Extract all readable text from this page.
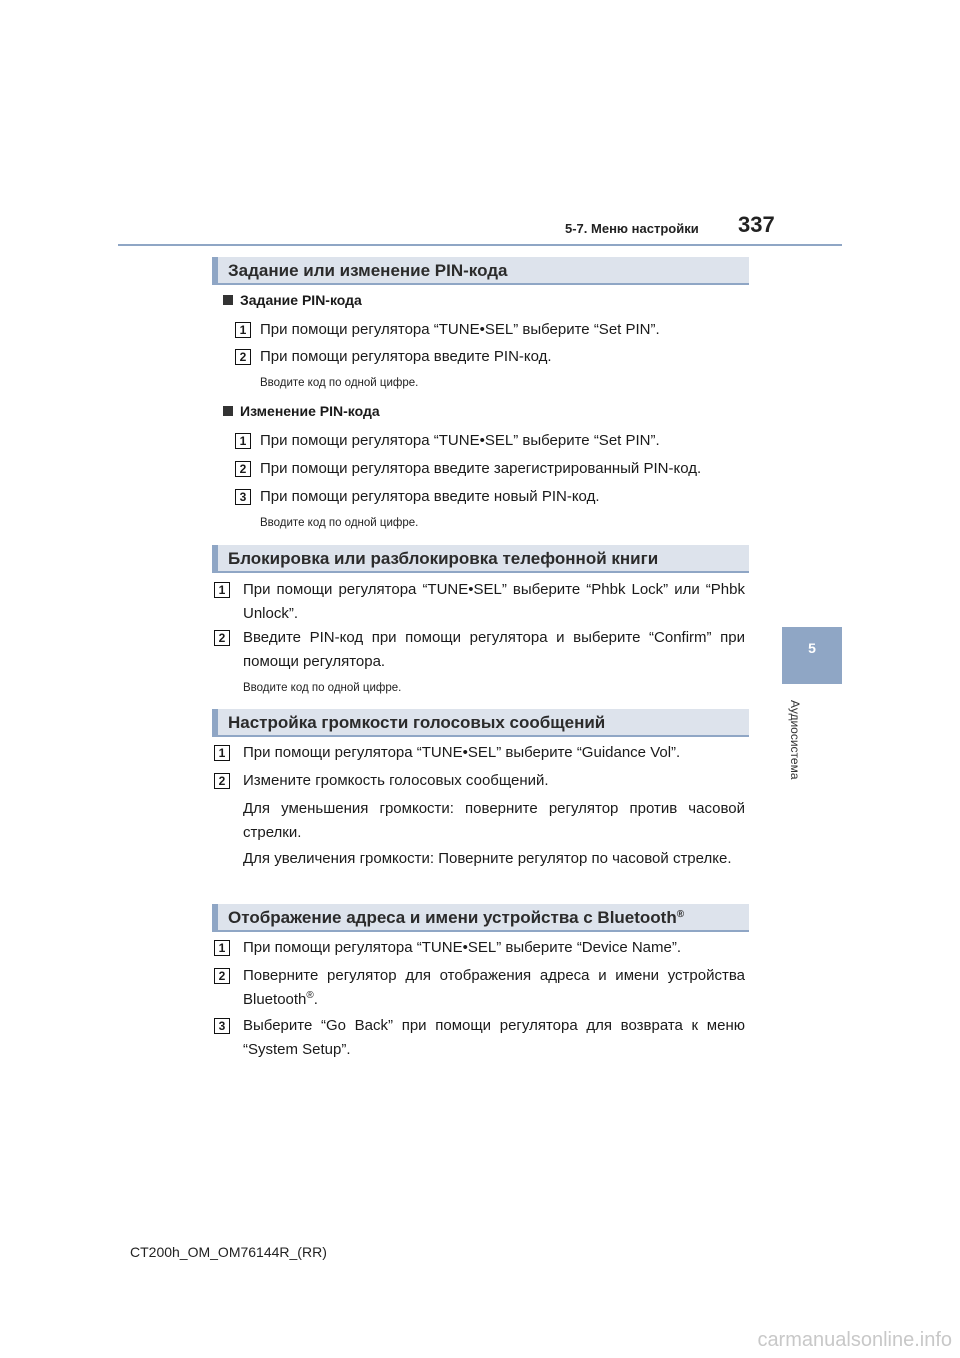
5-7. Меню настройки 337
5
Аудиосистема
Задание или изменение PIN-кода
Задание PIN-кода
1 При помощи регулятора “TUNE•SEL” выберите “Set PIN”.
2 При помощи регулятора введите PIN-код.
Вводите код по одной цифре.
Изменение PIN-кода
1 При помощи регулятора “TUNE•SEL” выберите “Set PIN”.
2 При помощи регулятора введите зарегистрированный PIN-код.
3 При помощи регулятора введите новый PIN-код.
Вводите код по одной цифре.
Блокировка или разблокировка телефонной книги
1	При помощи регулятора “TUNE•SEL” выберите “Phbk Lock” или “Phbk Unlock”.
2	Введите PIN-код при помощи регулятора и выберите “Confirm” при помощи регулятора.
Вводите код по одной цифре.
Настройка громкости голосовых сообщений
1	При помощи регулятора “TUNE•SEL” выберите “Guidance Vol”.
2	Измените громкость голосовых сообщений.
Для уменьшения громкости: поверните регулятор против часовой стрелки.
Для увеличения громкости: Поверните регулятор по часовой стрелке.
Отображение адреса и имени устройства с Bluetooth®
1	При помощи регулятора “TUNE•SEL” выберите “Device Name”.
2	Поверните регулятор для отображения адреса и имени устройства Bluetooth®.
3	Выберите “Go Back” при помощи регулятора для возврата к меню “System Setup”.
CT200h_OM_OM76144R_(RR)
carmanualsonline.info
